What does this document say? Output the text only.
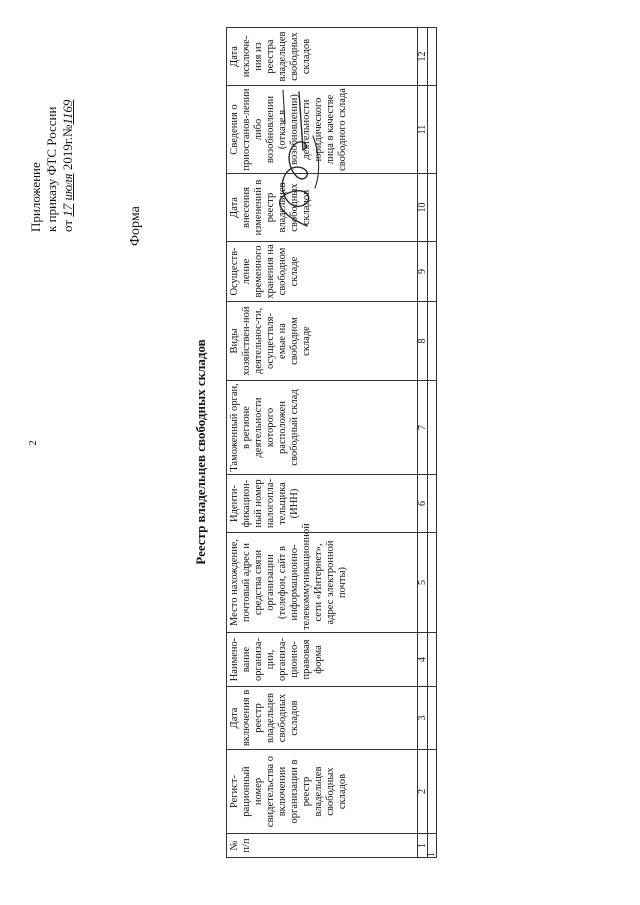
2
Приложение к приказу ФТС России от 17 июля 2019г.№1169
Форма
Реестр владельцев свободных складов
№ п/п	Регист-рационный номер свидетельства о включении организации в реестр владельцев свободных складов	Дата включения в реестр владельцев свободных складов	Наимено-вание организа-ции, организа-ционно-правовая форма	Место нахождение, почтовый адрес и средства связи организации (телефон, сайт в информационно-телекоммуникационной сети «Интернет», адрес электронной почты)	Иденти-фикацион-ный номер налогопла-тельщика (ИНН)	Таможенный орган, в регионе деятельности которого расположен свободный склад	Виды хозяйствен-ной деятельнос-ти, осуществля-емые на свободном складе	Осуществ-ление временного хранения на свободном складе	Дата внесения изменений в реестр владельцев свободных складов	Сведения о приостанов-лении либо возобновлении (отказе в возобновлении) деятельности юридического лица в качестве свободного склада	Дата исключе-ния из реестра владельцев свободных складов
1	2	3	4	5	6	7	8	9	10	11	12
1											
